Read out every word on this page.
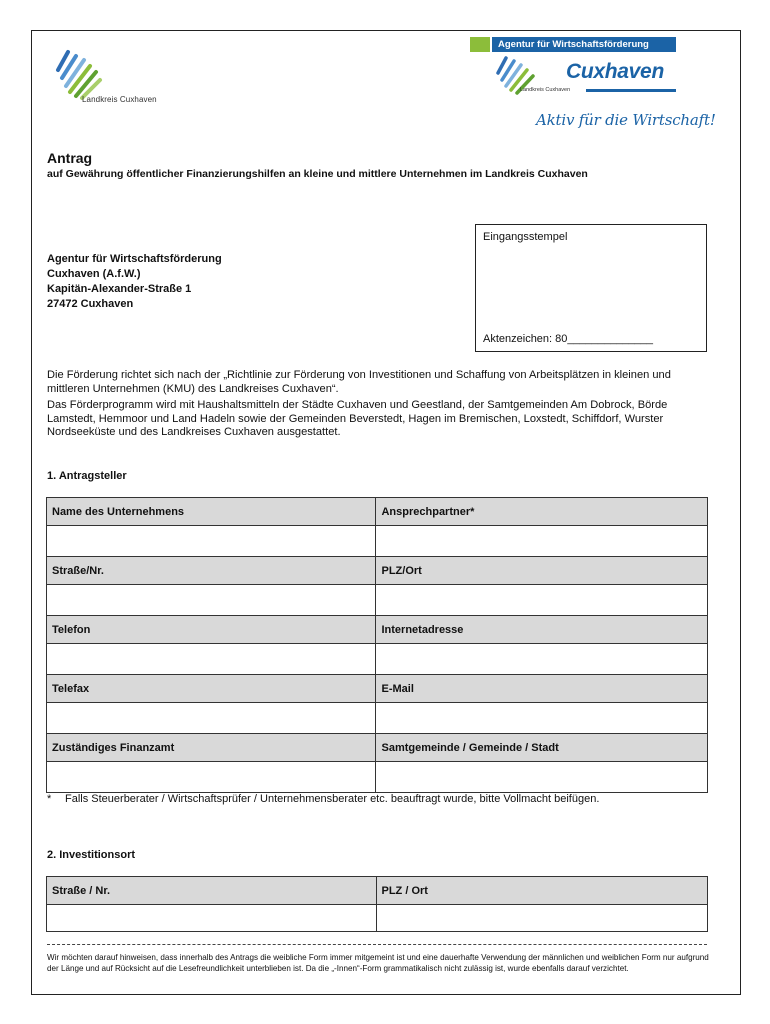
Landkreis Cuxhaven
Agentur für Wirtschaftsförderung
Cuxhaven
Landkreis Cuxhaven
Aktiv für die Wirtschaft!
Antrag
auf Gewährung öffentlicher Finanzierungshilfen an kleine und mittlere Unternehmen im Landkreis Cuxhaven
Agentur für Wirtschaftsförderung
Cuxhaven (A.f.W.)
Kapitän-Alexander-Straße 1
27472 Cuxhaven
Eingangsstempel
Aktenzeichen: 80______________

Die Förderung richtet sich nach der „Richtlinie zur Förderung von Investitionen und Schaffung von Arbeitsplätzen in kleinen und mittleren Unternehmen (KMU) des Landkreises Cuxhaven“.

Das Förderprogramm wird mit Haushaltsmitteln der Städte Cuxhaven und Geestland, der Samtgemeinden Am Dobrock, Börde Lamstedt, Hemmoor und Land Hadeln sowie der Gemeinden Beverstedt, Hagen im Bremischen, Loxstedt, Schiffdorf, Wurster Nordseeküste und des Landkreises Cuxhaven ausgestattet.

1. Antragsteller
Name des Unternehmens	Ansprechpartner*

Straße/Nr.	PLZ/Ort

Telefon	Internetadresse

Telefax	E-Mail

Zuständiges Finanzamt	Samtgemeinde / Gemeinde / Stadt

* Falls Steuerberater / Wirtschaftsprüfer / Unternehmensberater etc. beauftragt wurde, bitte Vollmacht beifügen.
2. Investitionsort
Straße / Nr.	PLZ / Ort

Wir möchten darauf hinweisen, dass innerhalb des Antrags die weibliche Form immer mitgemeint ist und eine dauerhafte Verwendung der männlichen und weiblichen Form nur aufgrund der Länge und auf Rücksicht auf die Lesefreundlichkeit unterblieben ist. Da die „-Innen“-Form grammatikalisch nicht zulässig ist, wurde ebenfalls darauf verzichtet.
